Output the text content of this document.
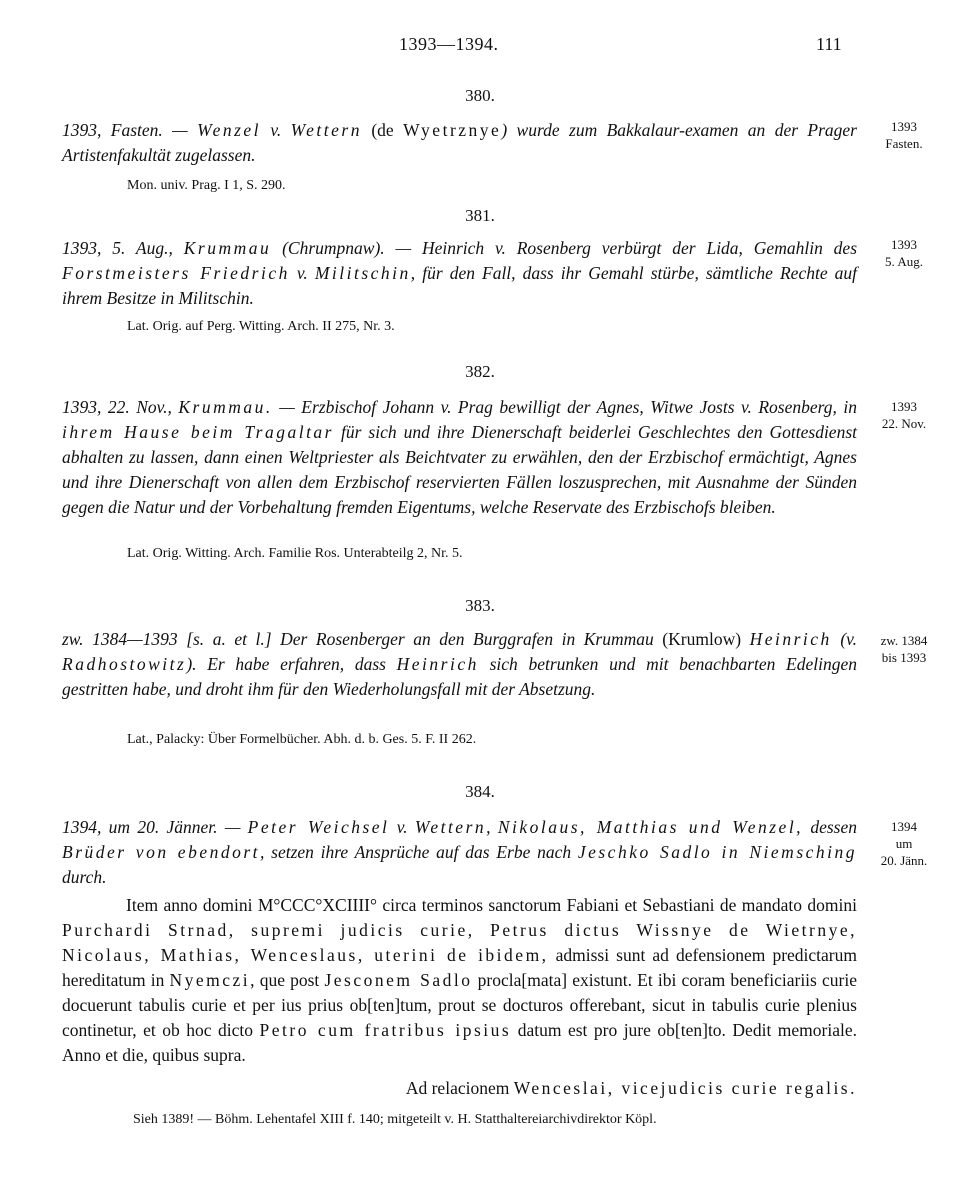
1393—1394.	111
380.
1393
Fasten.
1393, Fasten. — Wenzel v. Wettern (de Wyetrznye) wurde zum Bakkalaur-examen an der Prager Artistenfakultät zugelassen.
Mon. univ. Prag. I 1, S. 290.
381.
1393
5. Aug.
1393, 5. Aug., Krummau (Chrumpnaw). — Heinrich v. Rosenberg verbürgt der Lida, Gemahlin des Forstmeisters Friedrich v. Militschin, für den Fall, dass ihr Gemahl stürbe, sämtliche Rechte auf ihrem Besitze in Militschin.
Lat. Orig. auf Perg. Witting. Arch. II 275, Nr. 3.
382.
1393
22. Nov.
1393, 22. Nov., Krummau. — Erzbischof Johann v. Prag bewilligt der Agnes, Witwe Josts v. Rosenberg, in ihrem Hause beim Tragaltar für sich und ihre Dienerschaft beiderlei Geschlechtes den Gottesdienst abhalten zu lassen, dann einen Weltpriester als Beichtvater zu erwählen, den der Erzbischof ermächtigt, Agnes und ihre Dienerschaft von allen dem Erzbischof reservierten Fällen loszusprechen, mit Ausnahme der Sünden gegen die Natur und der Vorbehaltung fremden Eigentums, welche Reservate des Erzbischofs bleiben.
Lat. Orig. Witting. Arch. Familie Ros. Unterabteilg 2, Nr. 5.
383.
zw. 1384
bis 1393
zw. 1384—1393 [s. a. et l.] Der Rosenberger an den Burggrafen in Krummau (Krumlow) Heinrich (v. Radhostowitz). Er habe erfahren, dass Heinrich sich betrunken und mit benachbarten Edelingen gestritten habe, und droht ihm für den Wiederholungsfall mit der Absetzung.
Lat., Palacky: Über Formelbücher. Abh. d. b. Ges. 5. F. II 262.
384.
1394
um
20. Jänn.
1394, um 20. Jänner. — Peter Weichsel v. Wettern, Nikolaus, Matthias und Wenzel, dessen Brüder von ebendort, setzen ihre Ansprüche auf das Erbe nach Jeschko Sadlo in Niemsching durch.

Item anno domini M°CCC°XCIIII° circa terminos sanctorum Fabiani et Sebastiani de mandato domini Purchardi Strnad, supremi judicis curie, Petrus dictus Wissnye de Wietrnye, Nicolaus, Mathias, Wenceslaus, uterini de ibidem, admissi sunt ad defensionem predictarum hereditatum in Nyemczi, que post Jesconem Sadlo procla[mata] existunt. Et ibi coram beneficiariis curie docuerunt tabulis curie et per ius prius ob[ten]tum, prout se docturos offerebant, sicut in tabulis curie plenius continetur, et ob hoc dicto Petro cum fratribus ipsius datum est pro jure ob[ten]to. Dedit memoriale. Anno et die, quibus supra.

Ad relacionem Wenceslai, vicejudicis curie regalis.
Sieh 1389! — Böhm. Lehentafel XIII f. 140; mitgeteilt v. H. Statthaltereiarchivdirektor Köpl.
